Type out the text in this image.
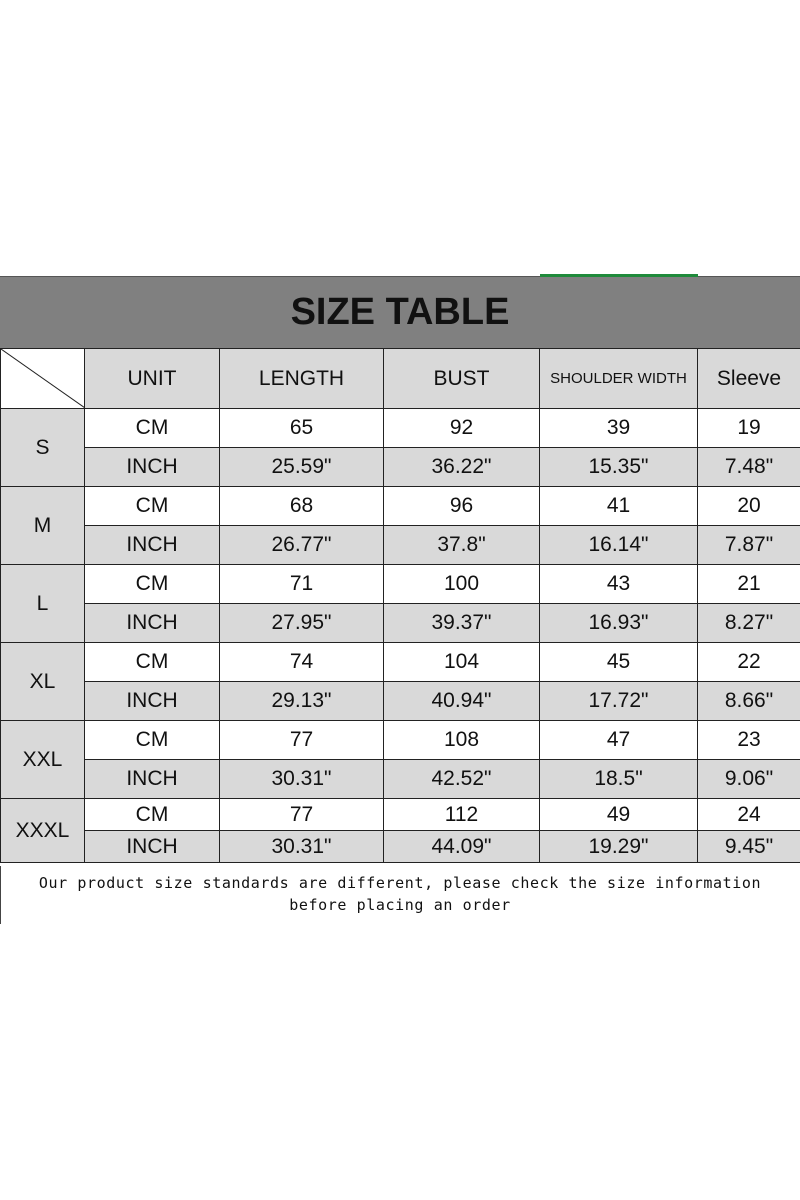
SIZE TABLE
	UNIT	LENGTH	BUST	SHOULDER WIDTH	Sleeve
S	CM	65	92	39	19
	INCH	25.59"	36.22"	15.35"	7.48"
M	CM	68	96	41	20
	INCH	26.77"	37.8"	16.14"	7.87"
L	CM	71	100	43	21
	INCH	27.95"	39.37"	16.93"	8.27"
XL	CM	74	104	45	22
	INCH	29.13"	40.94"	17.72"	8.66"
XXL	CM	77	108	47	23
	INCH	30.31"	42.52"	18.5"	9.06"
XXXL	CM	77	112	49	24
	INCH	30.31"	44.09"	19.29"	9.45"
Our product size standards are different, please check the size information
before placing an order
